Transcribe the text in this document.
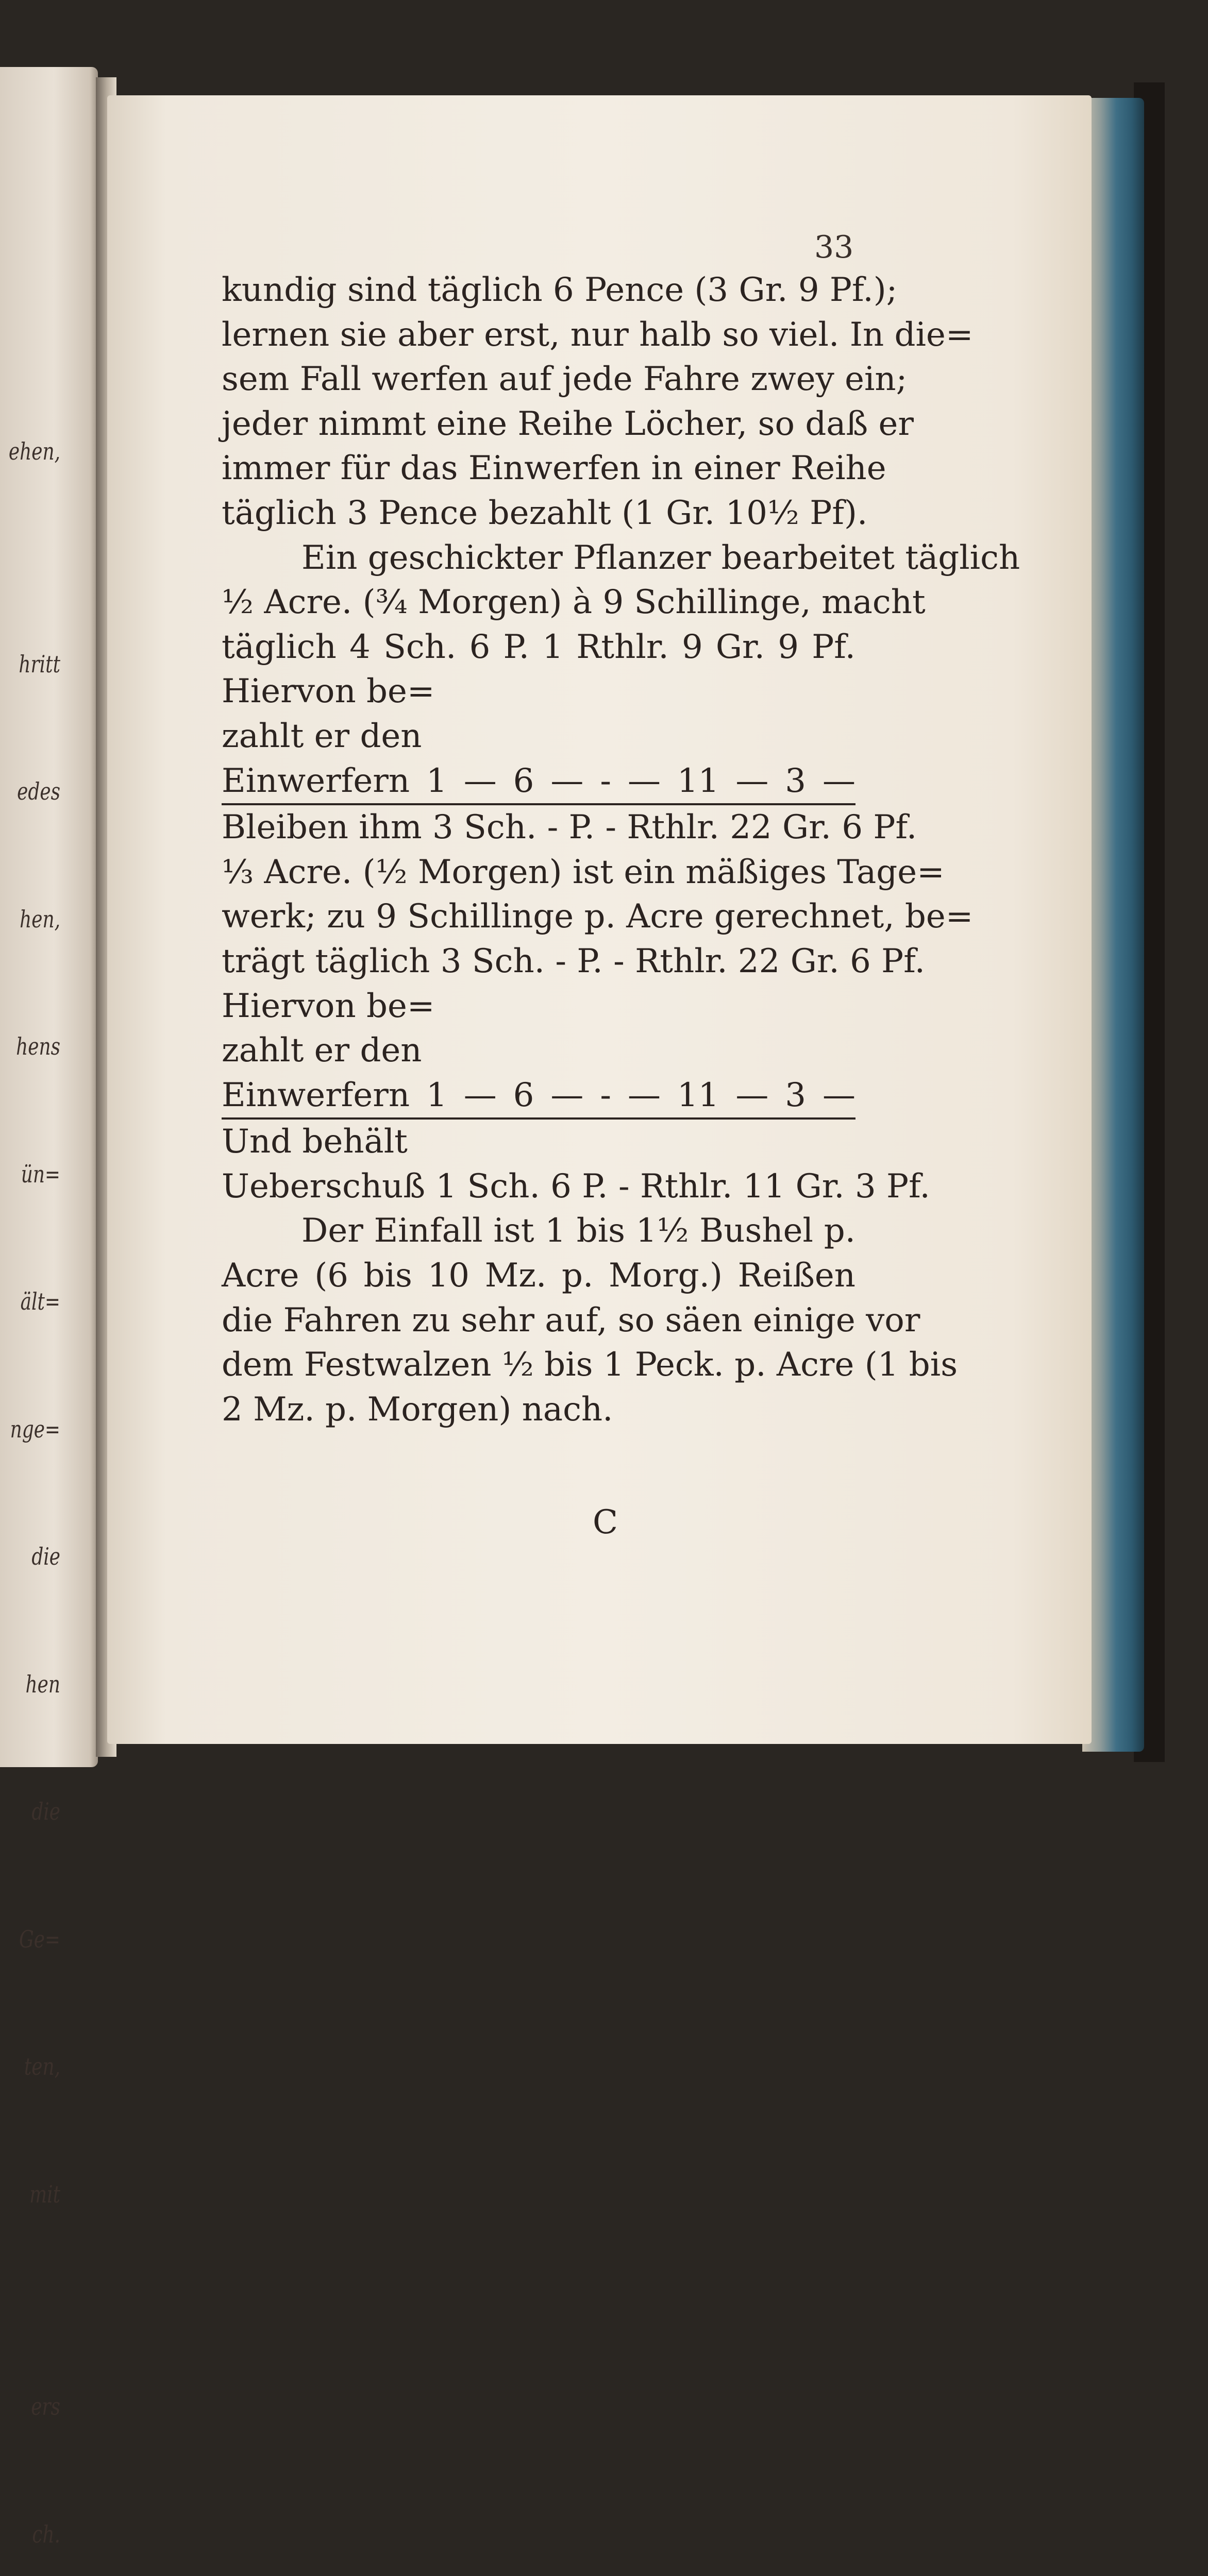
ehen,

hritt

edes

hen,

hens

ün=

ält=

nge=

die

hen

die

Ge=

ten,

mit

ers

ch.

33
kundig sind täglich 6 Pence (3 Gr. 9 Pf.);
lernen sie aber erst, nur halb so viel. In die=
sem Fall werfen auf jede Fahre zwey ein;
jeder nimmt eine Reihe Löcher, so daß er
immer für das Einwerfen in einer Reihe
täglich 3 Pence bezahlt (1 Gr. 10½ Pf).
Ein geschickter Pflanzer bearbeitet täglich
½ Acre. (¾ Morgen) à 9 Schillinge, macht
täglich 4 Sch. 6 P. 1 Rthlr. 9 Gr. 9 Pf.
Hiervon be=
zahlt er den
Einwerfern 1 — 6 — - — 11 — 3 —
Bleiben ihm 3 Sch. - P. - Rthlr. 22 Gr. 6 Pf.
⅓ Acre. (½ Morgen) ist ein mäßiges Tage=
werk; zu 9 Schillinge p. Acre gerechnet, be=
trägt täglich 3 Sch. - P. - Rthlr. 22 Gr. 6 Pf.
Hiervon be=
zahlt er den
Einwerfern 1 — 6 — - — 11 — 3 —
Und behält
Ueberschuß 1 Sch. 6 P. - Rthlr. 11 Gr. 3 Pf.
Der Einfall ist 1 bis 1½ Bushel p.
Acre (6 bis 10 Mz. p. Morg.) Reißen
die Fahren zu sehr auf, so säen einige vor
dem Festwalzen ½ bis 1 Peck. p. Acre (1 bis
2 Mz. p. Morgen) nach.
C
